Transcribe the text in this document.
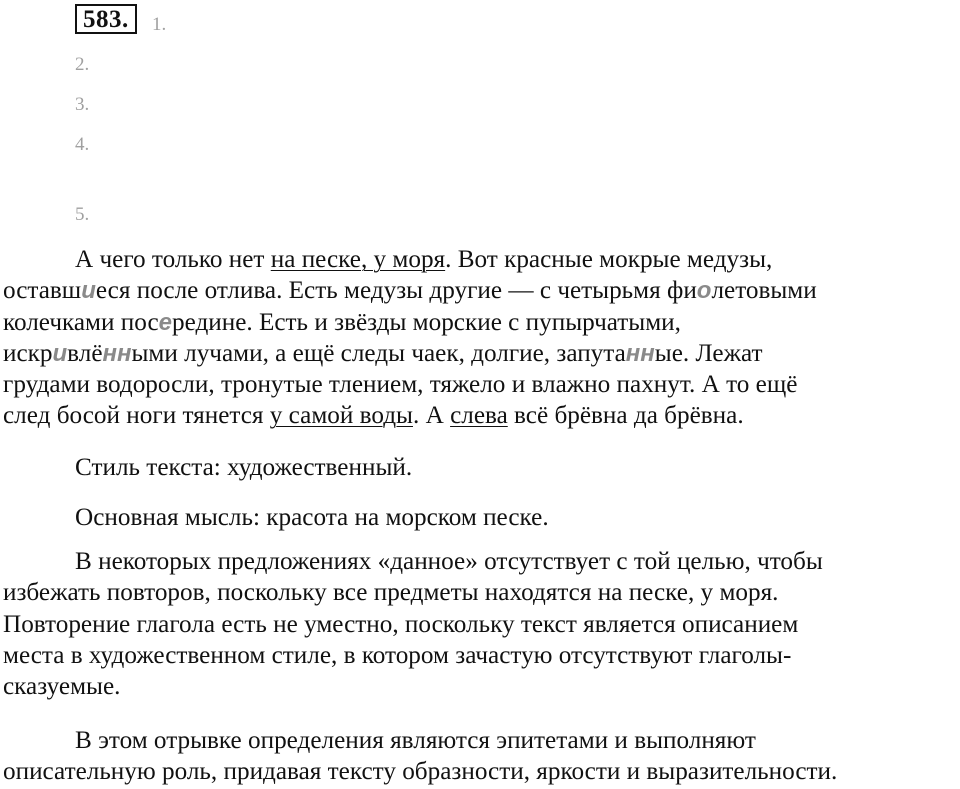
583. 1.
2.
3.
4.
5.
А чего только нет на песке, у моря. Вот красные мокрые медузы,
оставшиеся после отлива. Есть медузы другие — с четырьмя фиолетовыми
колечками посередине. Есть и звёзды морские с пупырчатыми,
искривлёнными лучами, а ещё следы чаек, долгие, запутанные. Лежат
грудами водоросли, тронутые тлением, тяжело и влажно пахнут. А то ещё
след босой ноги тянется у самой воды. А слева всё брёвна да брёвна.
Стиль текста: художественный.
Основная мысль: красота на морском песке.
В некоторых предложениях «данное» отсутствует с той целью, чтобы
избежать повторов, поскольку все предметы находятся на песке, у моря.
Повторение глагола есть не уместно, поскольку текст является описанием
места в художественном стиле, в котором зачастую отсутствуют глаголы-
сказуемые.
В этом отрывке определения являются эпитетами и выполняют
описательную роль, придавая тексту образности, яркости и выразительности.
